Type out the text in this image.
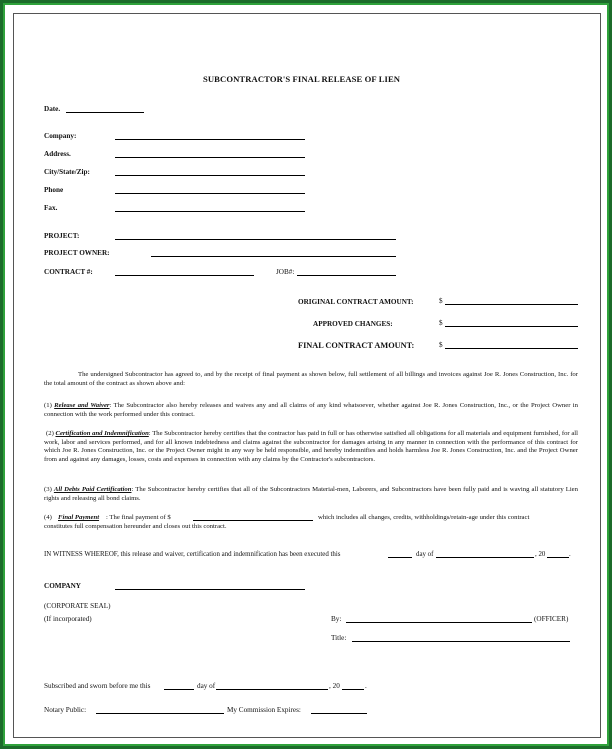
SUBCONTRACTOR'S FINAL RELEASE OF LIEN
Date.
Company:
Address.
City/State/Zip:
Phone
Fax.
PROJECT:
PROJECT OWNER:
CONTRACT #:	JOB#:
ORIGINAL CONTRACT AMOUNT:	$
APPROVED CHANGES:	$
FINAL CONTRACT AMOUNT:	$
The undersigned Subcontractor has agreed to, and by the receipt of final payment as shown below, full settlement of all billings and invoices against Joe R. Jones Construction, Inc. for the total amount of the contract as shown above and:
(1) Release and Waiver: The Subcontractor also hereby releases and waives any and all claims of any kind whatsoever, whether against Joe R. Jones Construction, Inc., or the Project Owner in connection with the work performed under this contract.
(2) Certification and Indemnification: The Subcontractor hereby certifies that the contractor has paid in full or has otherwise satisfied all obligations for all materials and equipment furnished, for all work, labor and services performed, and for all known indebtedness and claims against the subcontractor for damages arising in any manner in connection with the performance of this contract for which Joe R. Jones Construction, Inc. or the Project Owner might in any way be held responsible, and hereby indemnifies and holds harmless Joe R. Jones Construction, Inc. and the Project Owner from and against any damages, losses, costs and expenses in connection with any claims by the Contractor's subcontractors.
(3) All Debts Paid Certification: The Subcontractor hereby certifies that all of the Subcontractors Material-men, Laborers, and Subcontractors have been fully paid and is waving all statutory Lien rights and releasing all bond claims.
(4) Final Payment : The final payment of $	which includes all changes, credits, withholdings/retain-age under this contract
constitutes full compensation hereunder and closes out this contract.
IN WITNESS WHEREOF, this release and waiver, certification and indemnification has been executed this	day of	, 20	.
COMPANY
(CORPORATE SEAL)
(If incorporated)	By:	(OFFICER)
Title:
Subscribed and sworn before me this	day of	, 20	.
Notary Public:	My Commission Expires:
